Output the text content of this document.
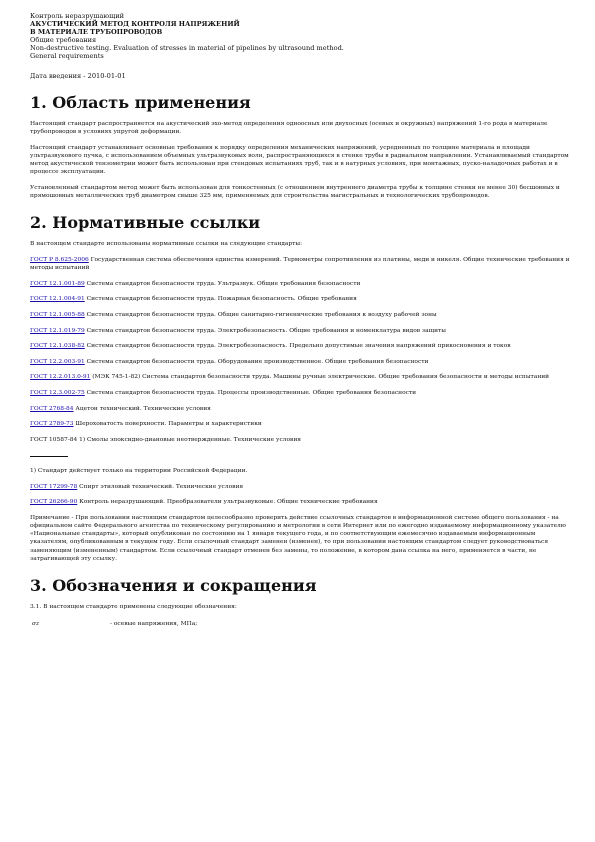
Контроль неразрушающий

АКУСТИЧЕСКИЙ МЕТОД КОНТРОЛЯ НАПРЯЖЕНИЙ

В МАТЕРИАЛЕ ТРУБОПРОВОДОВ

Общие требования

Non-destructive testing. Evaluation of stresses in material of pipelines by ultrasound method.

General requirements

Дата введения - 2010-01-01
1. Область применения

Настоящий стандарт распространяется на акустический эхо-метод определения одноосных или двухосных (осевых и окружных) напряжений 1-го рода в материале трубопроводов в условиях упругой деформации.

Настоящий стандарт устанавливает основные требования к порядку определения механических напряжений, усредненных по толщине материала и площади ультразвукового пучка, с использованием объемных ультразвуковых волн, распространяющихся в стенке трубы в радиальном направлении. Устанавливаемый стандартом метод акустической тензометрии может быть использован при стендовых испытаниях труб, так и в натурных условиях, при монтажных, пуско-наладочных работах и в процессе эксплуатации.

Установленный стандартом метод может быть использован для тонкостенных (с отношением внутреннего диаметра трубы к толщине стенки не менее 30) бесшовных и прямошовных металлических труб диаметром свыше 325 мм, применяемых для строительства магистральных и технологических трубопроводов.

2. Нормативные ссылки

В настоящем стандарте использованы нормативные ссылки на следующие стандарты:

ГОСТ Р 8.625-2006 Государственная система обеспечения единства измерений. Термометры сопротивления из платины, меди и никеля. Общие технические требования и методы испытаний

ГОСТ 12.1.001-89 Система стандартов безопасности труда. Ультразвук. Общие требования безопасности

ГОСТ 12.1.004-91 Система стандартов безопасности труда. Пожарная безопасность. Общие требования

ГОСТ 12.1.005-88 Система стандартов безопасности труда. Общие санитарно-гигиенические требования к воздуху рабочей зоны

ГОСТ 12.1.019-79 Система стандартов безопасности труда. Электробезопасность. Общие требования и номенклатура видов защиты

ГОСТ 12.1.038-82 Система стандартов безопасности труда. Электробезопасность. Предельно допустимые значения напряжений прикосновения и токов

ГОСТ 12.2.003-91 Система стандартов безопасности труда. Оборудование производственное. Общие требования безопасности

ГОСТ 12.2.013.0-91 (МЭК 745-1-82) Система стандартов безопасности труда. Машины ручные электрические. Общие требования безопасности и методы испытаний

ГОСТ 12.3.002-75 Система стандартов безопасности труда. Процессы производственные. Общие требования безопасности

ГОСТ 2768-84 Ацетон технический. Технические условия

ГОСТ 2789-73 Шероховатость поверхности. Параметры и характеристики

ГОСТ 10587-84 1) Смолы эпоксидно-диановые неотвержденные. Технические условия

1) Стандарт действует только на территории Российской Федерации.

ГОСТ 17299-78 Спирт этиловый технический. Технические условия

ГОСТ 26266-90 Контроль неразрушающий. Преобразователи ультразвуковые. Общие технические требования

Примечание - При пользовании настоящим стандартом целесообразно проверить действие ссылочных стандартов в информационной системе общего пользования - на официальном сайте Федерального агентства по техническому регулированию и метрологии в сети Интернет или по ежегодно издаваемому информационному указателю «Национальные стандарты», который опубликован по состоянию на 1 января текущего года, и по соответствующим ежемесячно издаваемым информационным указателям, опубликованным в текущем году. Если ссылочный стандарт заменен (изменен), то при пользовании настоящим стандартом следует руководствоваться заменяющим (измененным) стандартом. Если ссылочный стандарт отменен без замены, то положение, в котором дана ссылка на него, применяется в части, не затрагивающей эту ссылку.

3. Обозначения и сокращения

3.1. В настоящем стандарте применены следующие обозначения:

σz	- осевые напряжения, МПа;
